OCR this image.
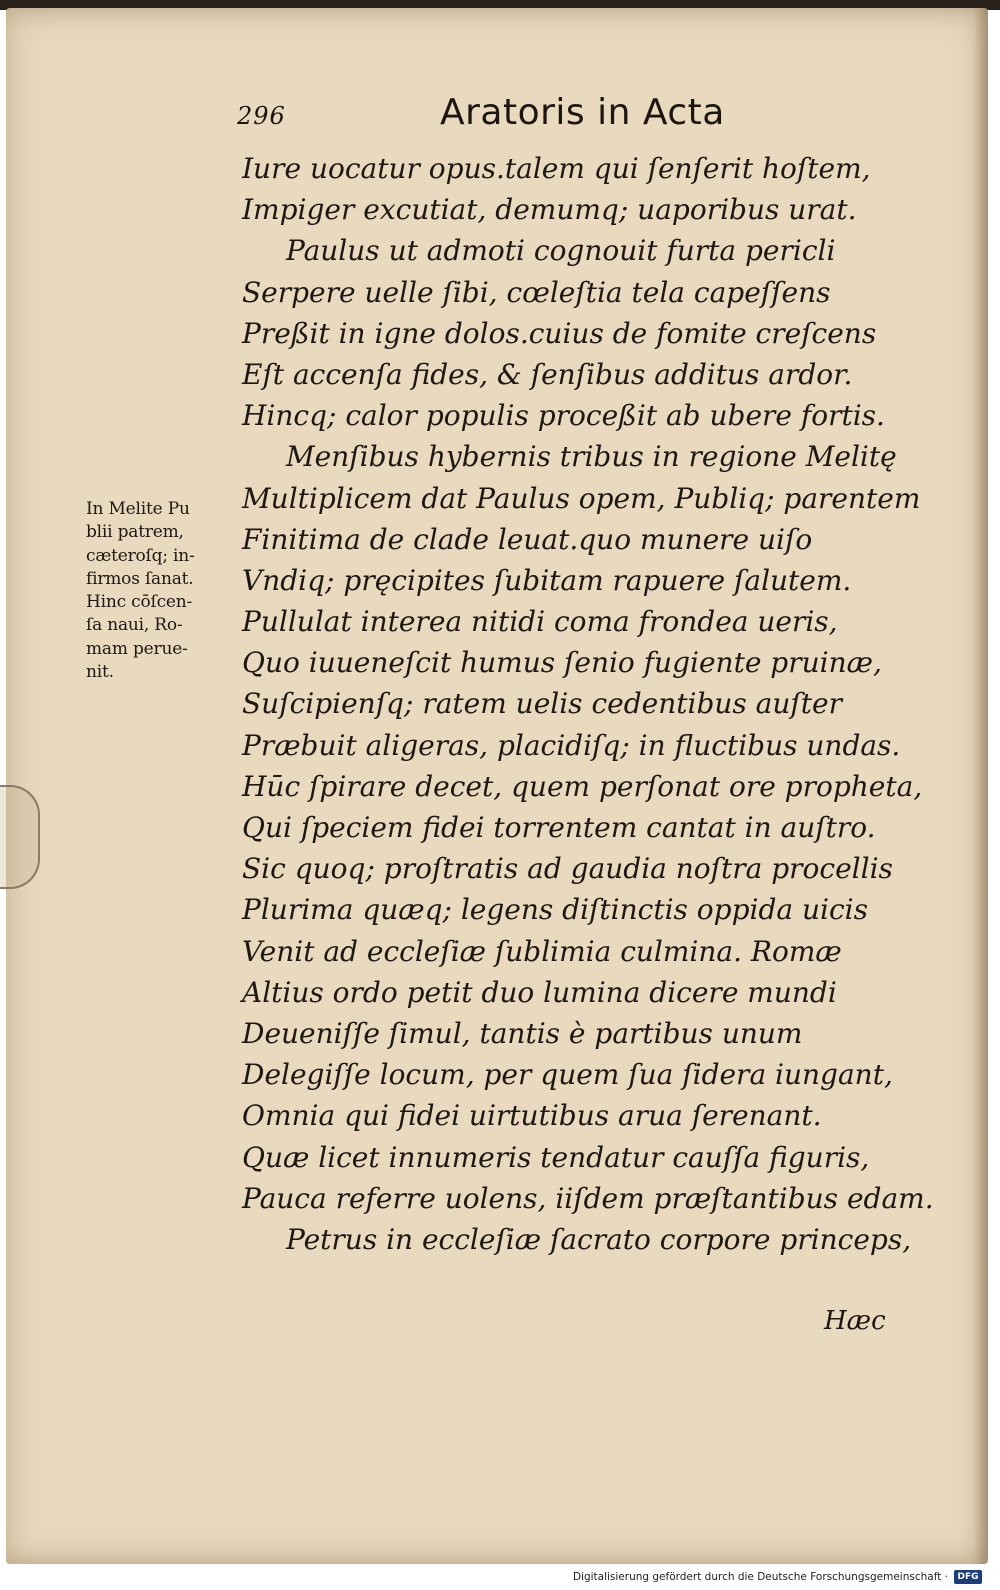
296	Aratoris in Acta
Iure uocatur opus.talem qui ſenſerit hoſtem,
Impiger excutiat, demumq; uaporibus urat.
Paulus ut admoti cognouit furta pericli
Serpere uelle ſibi, cœleſtia tela capeſſens
Preßit in igne dolos.cuius de fomite creſcens
Eſt accenſa fides, & ſenſibus additus ardor.
Hincq; calor populis proceßit ab ubere fortis.
Menſibus hybernis tribus in regione Melitę
Multiplicem dat Paulus opem, Publiq; parentem
Finitima de clade leuat.quo munere uiſo
Vndiq; pręcipites ſubitam rapuere ſalutem.
Pullulat interea nitidi coma frondea ueris,
Quo iuueneſcit humus ſenio fugiente pruinæ,
Suſcipienſq; ratem uelis cedentibus auſter
Præbuit aligeras, placidiſq; in fluctibus undas.
Hūc ſpirare decet, quem perſonat ore propheta,
Qui ſpeciem fidei torrentem cantat in auſtro.
Sic quoq; proſtratis ad gaudia noſtra procellis
Plurima quæq; legens diſtinctis oppida uicis
Venit ad eccleſiæ ſublimia culmina. Romæ
Altius ordo petit duo lumina dicere mundi
Deueniſſe ſimul, tantis è partibus unum
Delegiſſe locum, per quem ſua ſidera iungant,
Omnia qui fidei uirtutibus arua ſerenant.
Quæ licet innumeris tendatur cauſſa figuris,
Pauca referre uolens, iiſdem præſtantibus edam.
Petrus in eccleſiæ ſacrato corpore princeps,
In Melite Pu
blii patrem,
cæteroſq; in-
firmos ſanat.
Hinc cōſcen-
ſa naui, Ro-
mam perue-
nit.
Hæc
Digitalisierung gefördert durch die Deutsche Forschungsgemeinschaft ·	DFG
